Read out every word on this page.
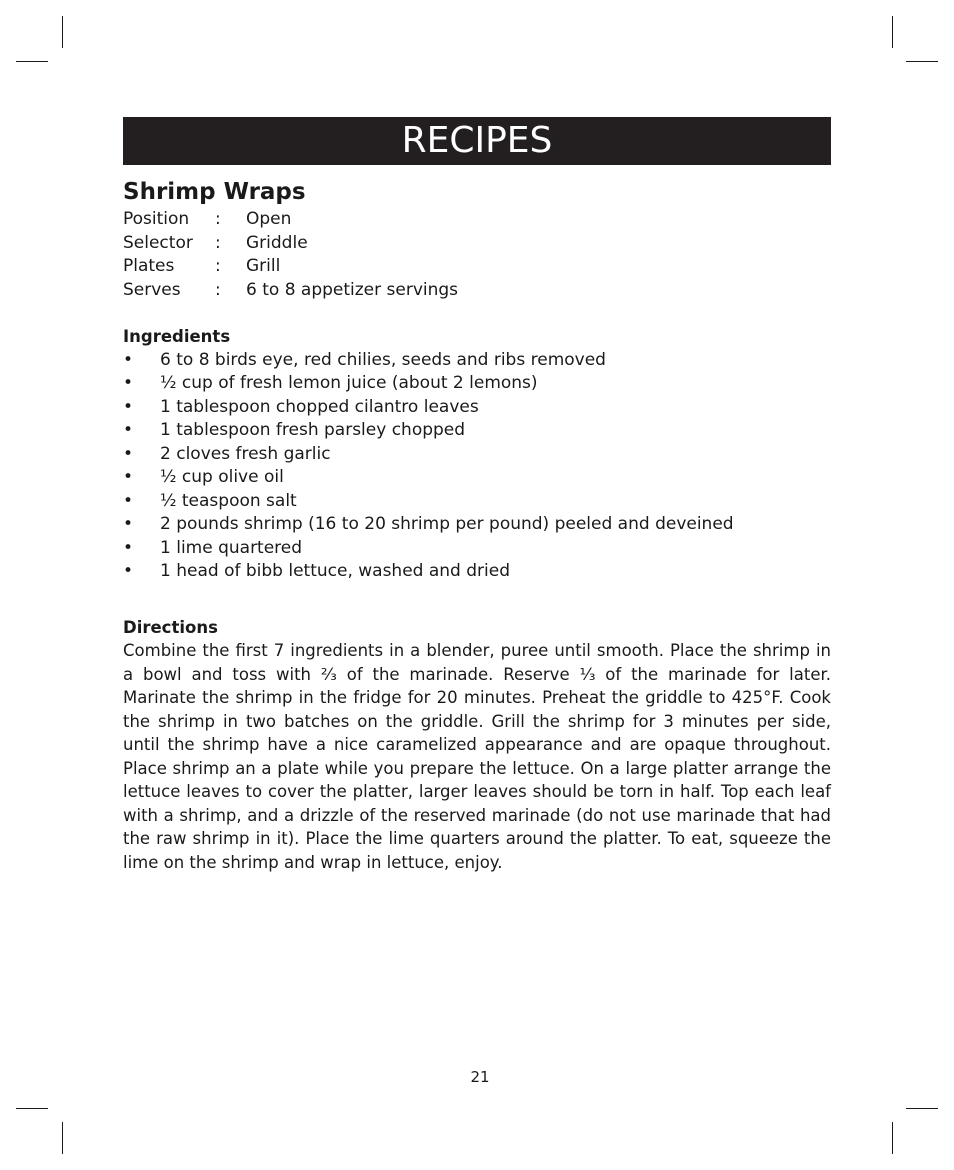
RECIPES
Shrimp Wraps
Position	:	Open
Selector	:	Griddle
Plates	:	Grill
Serves	:	6 to 8 appetizer servings
Ingredients
•	6 to 8 birds eye, red chilies, seeds and ribs removed
•	½ cup of fresh lemon juice (about 2 lemons)
•	1 tablespoon chopped cilantro leaves
•	1 tablespoon fresh parsley chopped
•	2 cloves fresh garlic
•	½ cup olive oil
•	½ teaspoon salt
•	2 pounds shrimp (16 to 20 shrimp per pound) peeled and deveined
•	1 lime quartered
•	1 head of bibb lettuce, washed and dried
Directions

Combine the first 7 ingredients in a blender, puree until smooth. Place the shrimp in a bowl and toss with ²⁄₃ of the marinade. Reserve ¹⁄₃ of the marinade for later. Marinate the shrimp in the fridge for 20 minutes. Preheat the griddle to 425°F. Cook the shrimp in two batches on the griddle. Grill the shrimp for 3 minutes per side, until the shrimp have a nice caramelized appearance and are opaque throughout. Place shrimp an a plate while you prepare the lettuce. On a large platter arrange the lettuce leaves to cover the platter, larger leaves should be torn in half. Top each leaf with a shrimp, and a drizzle of the reserved marinade (do not use marinade that had the raw shrimp in it). Place the lime quarters around the platter. To eat, squeeze the lime on the shrimp and wrap in lettuce, enjoy.

21
